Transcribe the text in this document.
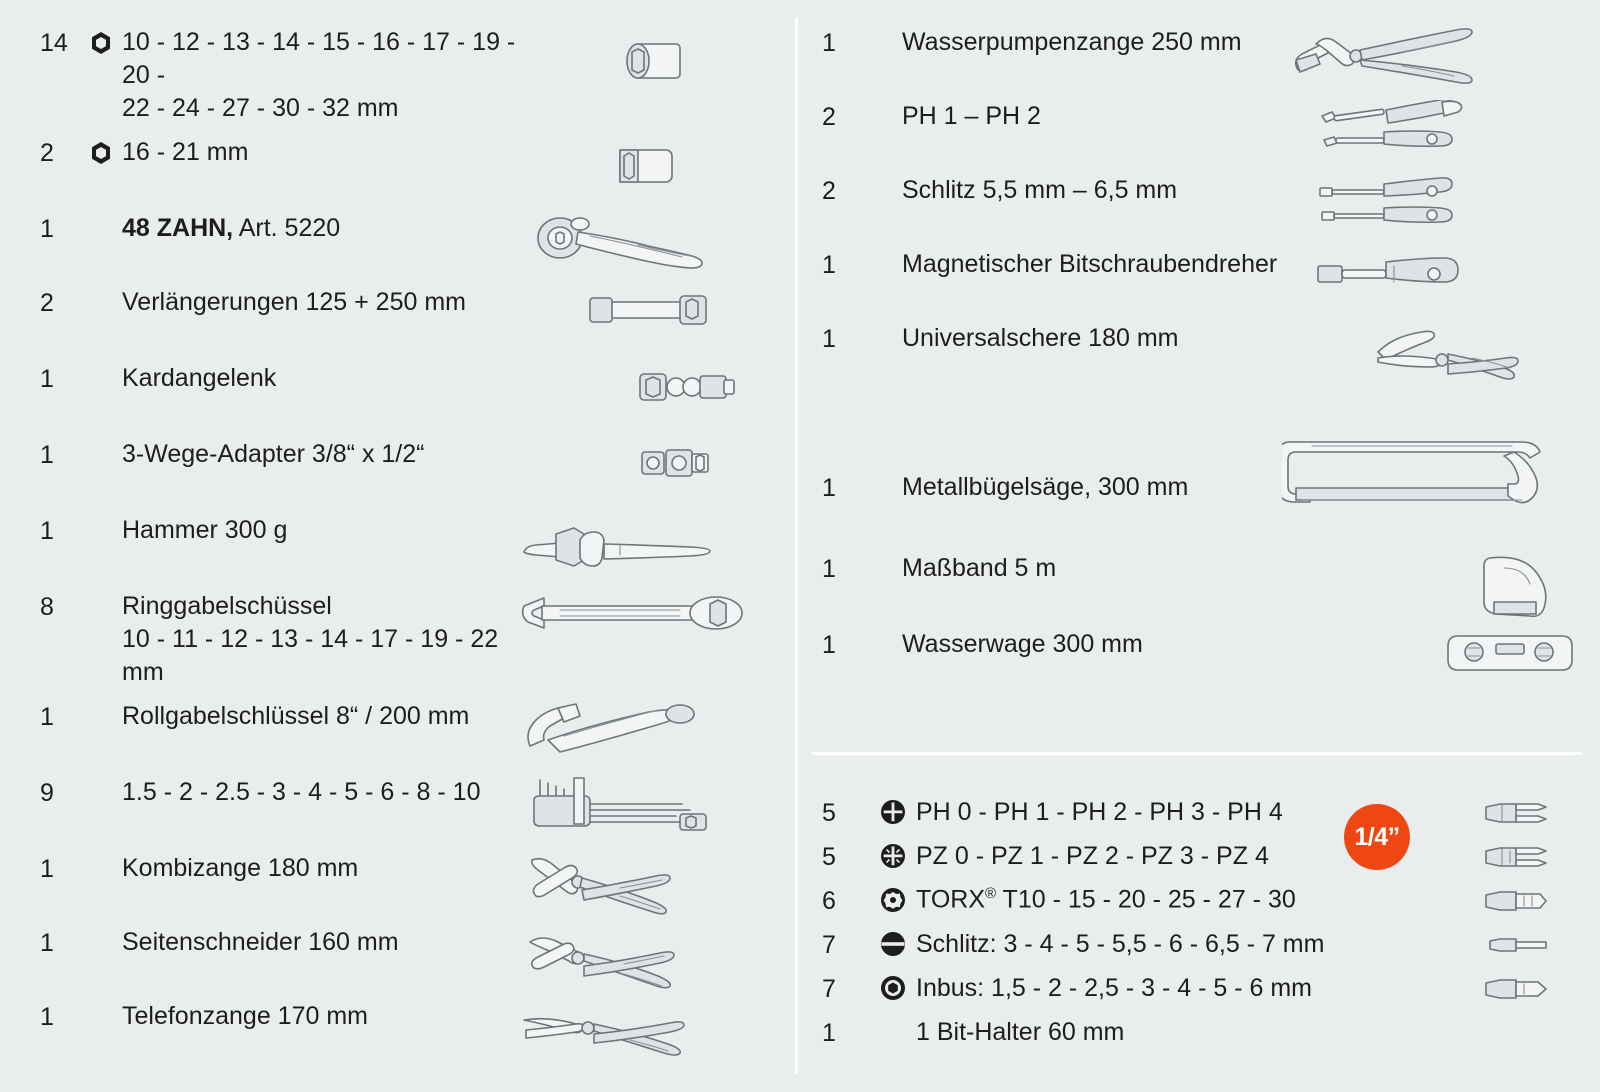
14	10 - 12 - 13 - 14 - 15 - 16 - 17 - 19 - 20 -
22 - 24 - 27 - 30 - 32 mm
2	16 - 21 mm
1	48 ZAHN, Art. 5220
2	Verlängerungen 125 + 250 mm
1	Kardangelenk
1	3-Wege-Adapter 3/8“ x 1/2“
1	Hammer 300 g
8	Ringgabelschüssel
10 - 11 - 12 - 13 - 14 - 17 - 19 - 22 mm
1	Rollgabelschlüssel 8“ / 200 mm
9	1.5 - 2 - 2.5 - 3 - 4 - 5 - 6 - 8 - 10
1	Kombizange 180 mm
1	Seitenschneider 160 mm
1	Telefonzange 170 mm
1	Wasserpumpenzange 250 mm
2	PH 1 – PH 2
2	Schlitz 5,5 mm – 6,5 mm
1	Magnetischer Bitschraubendreher
1	Universalschere 180 mm
1	Metallbügelsäge, 300 mm
1	Maßband 5 m
1	Wasserwage 300 mm
1/4”
5	PH 0 - PH 1 - PH 2 - PH 3 - PH 4
5	PZ 0 - PZ 1 - PZ 2 - PZ 3 - PZ 4
6	TORX® T10 - 15 - 20 - 25 - 27 - 30
7	Schlitz: 3 - 4 - 5 - 5,5 - 6 - 6,5 - 7 mm
7	Inbus: 1,5 - 2 - 2,5 - 3 - 4 - 5 - 6 mm
1	1 Bit-Halter 60 mm
